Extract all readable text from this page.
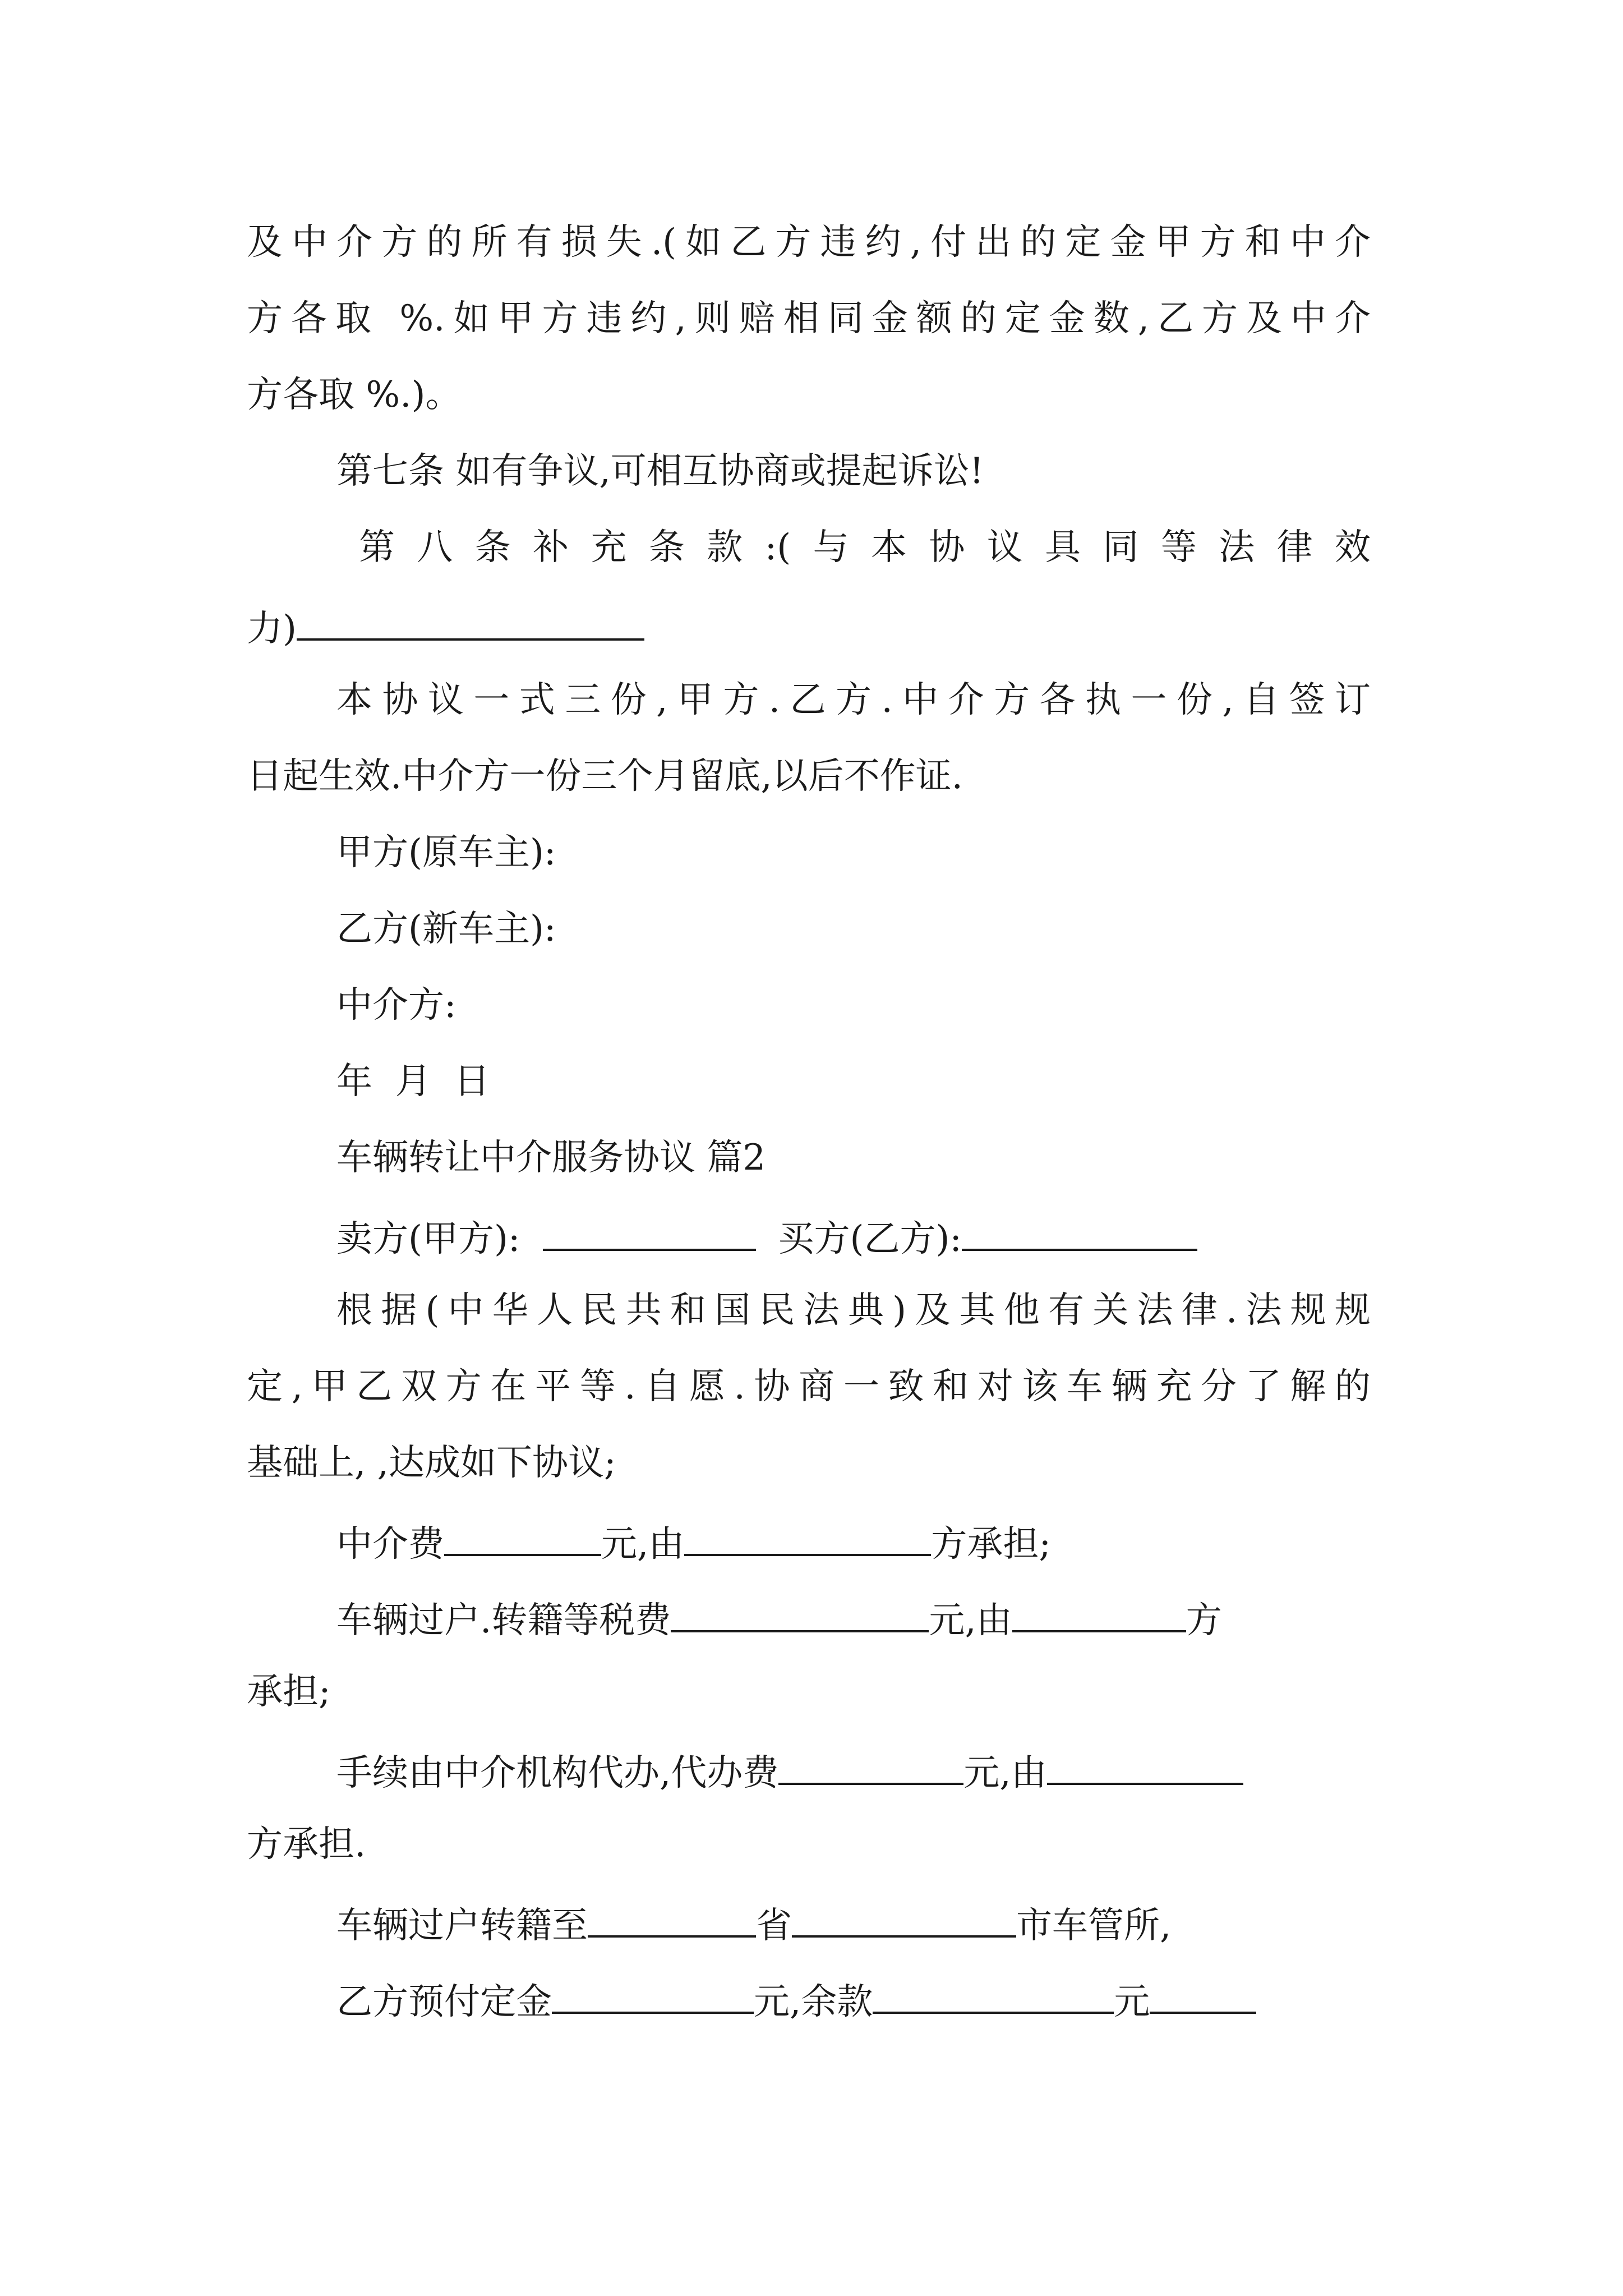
及中介方的所有损失.(如乙方违约,付出的定金甲方和中介
方各取 %.如甲方违约,则赔相同金额的定金数,乙方及中介
方各取 %.)。
第七条 如有争议,可相互协商或提起诉讼!
第八条补充条款:(与本协议具同等法律效
力)
本协议一式三份,甲方.乙方.中介方各执一份,自签订
日起生效.中介方一份三个月留底,以后不作证.
甲方(原车主):
乙方(新车主):
中介方:
年  月  日
车辆转让中介服务协议 篇2
卖方(甲方):	买方(乙方):
根据(中华人民共和国民法典)及其他有关法律.法规规
定,甲乙双方在平等.自愿.协商一致和对该车辆充分了解的
基础上, ,达成如下协议;
中介费	元,由	方承担;
车辆过户.转籍等税费	元,由	方
承担;
手续由中介机构代办,代办费	元,由
方承担.
车辆过户转籍至	省	市车管所,
乙方预付定金	元,余款	元
